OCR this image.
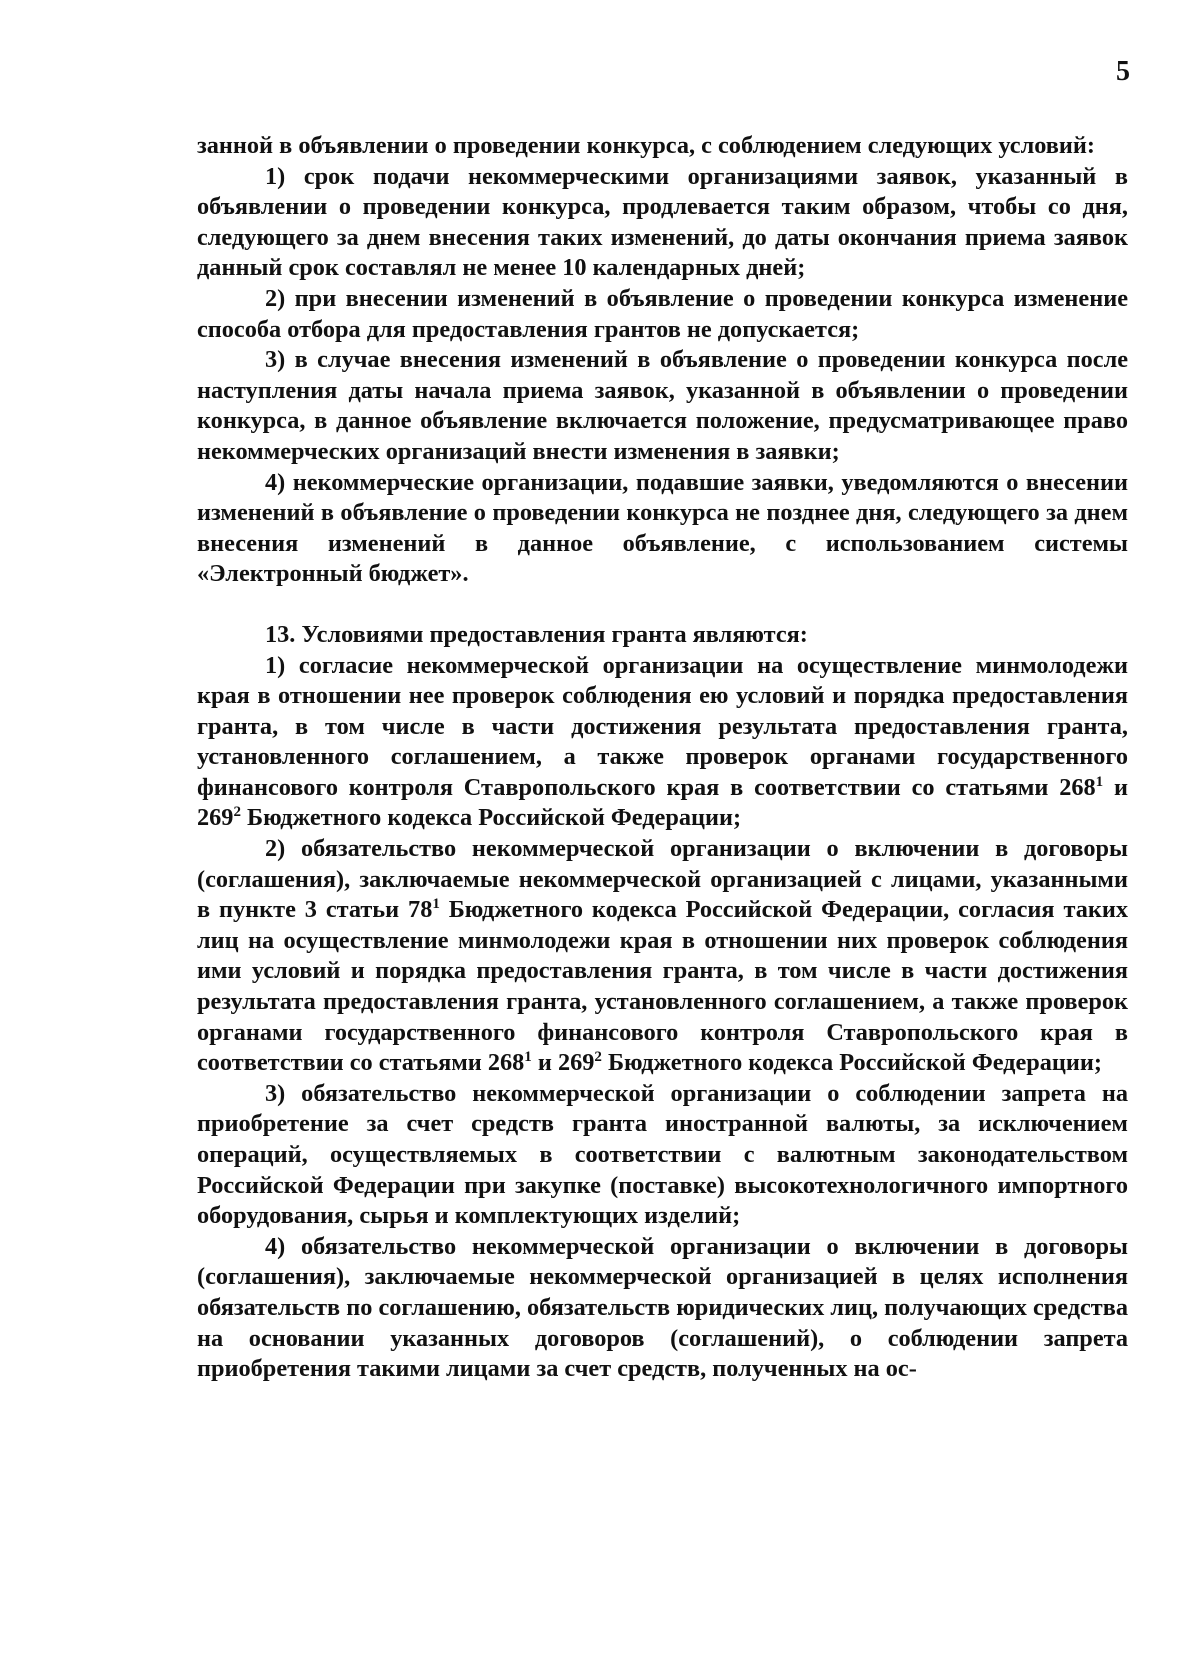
5

занной в объявлении о проведении конкурса, с соблюдением следующих условий:

1) срок подачи некоммерческими организациями заявок, указанный в объявлении о проведении конкурса, продлевается таким образом, чтобы со дня, следующего за днем внесения таких изменений, до даты окончания приема заявок данный срок составлял не менее 10 календарных дней;

2) при внесении изменений в объявление о проведении конкурса изменение способа отбора для предоставления грантов не допускается;

3) в случае внесения изменений в объявление о проведении конкурса после наступления даты начала приема заявок, указанной в объявлении о проведении конкурса, в данное объявление включается положение, предусматривающее право некоммерческих организаций внести изменения в заявки;

4) некоммерческие организации, подавшие заявки, уведомляются о внесении изменений в объявление о проведении конкурса не позднее дня, следующего за днем внесения изменений в данное объявление, с использованием системы «Электронный бюджет».

13. Условиями предоставления гранта являются:

1) согласие некоммерческой организации на осуществление минмолодежи края в отношении нее проверок соблюдения ею условий и порядка предоставления гранта, в том числе в части достижения результата предоставления гранта, установленного соглашением, а также проверок органами государственного финансового контроля Ставропольского края в соответствии со статьями $268^1$ и $269^2$ Бюджетного кодекса Российской Федерации;

2) обязательство некоммерческой организации о включении в договоры (соглашения), заключаемые некоммерческой организацией с лицами, указанными в пункте 3 статьи $78^1$ Бюджетного кодекса Российской Федерации, согласия таких лиц на осуществление минмолодежи края в отношении них проверок соблюдения ими условий и порядка предоставления гранта, в том числе в части достижения результата предоставления гранта, установленного соглашением, а также проверок органами государственного финансового контроля Ставропольского края в соответствии со статьями $268^1$ и $269^2$ Бюджетного кодекса Российской Федерации;

3) обязательство некоммерческой организации о соблюдении запрета на приобретение за счет средств гранта иностранной валюты, за исключением операций, осуществляемых в соответствии с валютным законодательством Российской Федерации при закупке (поставке) высокотехнологичного импортного оборудования, сырья и комплектующих изделий;

4) обязательство некоммерческой организации о включении в договоры (соглашения), заключаемые некоммерческой организацией в целях исполнения обязательств по соглашению, обязательств юридических лиц, получающих средства на основании указанных договоров (соглашений), о соблюдении запрета приобретения такими лицами за счет средств, полученных на ос-
